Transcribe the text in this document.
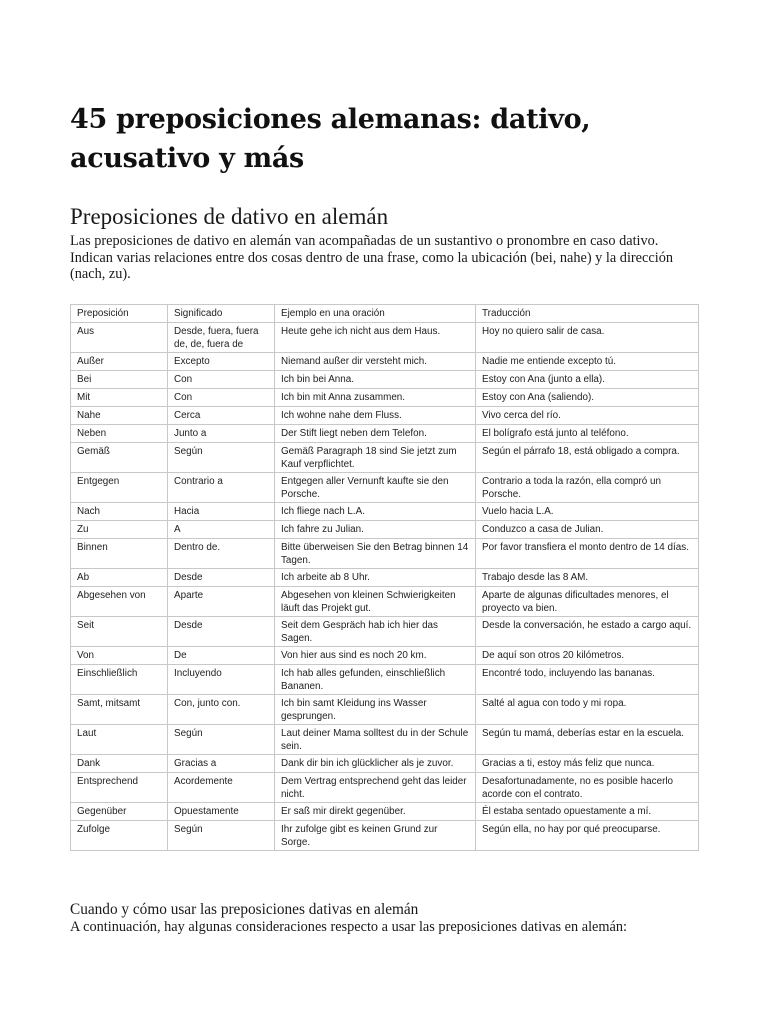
45 preposiciones alemanas: dativo, acusativo y más
Preposiciones de dativo en alemán

Las preposiciones de dativo en alemán van acompañadas de un sustantivo o pronombre en caso dativo. Indican varias relaciones entre dos cosas dentro de una frase, como la ubicación (bei, nahe) y la dirección (nach, zu).

Preposición	Significado	Ejemplo en una oración	Traducción
Aus	Desde, fuera, fuera de, de, fuera de	Heute gehe ich nicht aus dem Haus.	Hoy no quiero salir de casa.
Außer	Excepto	Niemand außer dir versteht mich.	Nadie me entiende excepto tú.
Bei	Con	Ich bin bei Anna.	Estoy con Ana (junto a ella).
Mit	Con	Ich bin mit Anna zusammen.	Estoy con Ana (saliendo).
Nahe	Cerca	Ich wohne nahe dem Fluss.	Vivo cerca del río.
Neben	Junto a	Der Stift liegt neben dem Telefon.	El bolígrafo está junto al teléfono.
Gemäß	Según	Gemäß Paragraph 18 sind Sie jetzt zum Kauf verpflichtet.	Según el párrafo 18, está obligado a compra.
Entgegen	Contrario a	Entgegen aller Vernunft kaufte sie den Porsche.	Contrario a toda la razón, ella compró un Porsche.
Nach	Hacia	Ich fliege nach L.A.	Vuelo hacia L.A.
Zu	A	Ich fahre zu Julian.	Conduzco a casa de Julian.
Binnen	Dentro de.	Bitte überweisen Sie den Betrag binnen 14 Tagen.	Por favor transfiera el monto dentro de 14 días.
Ab	Desde	Ich arbeite ab 8 Uhr.	Trabajo desde las 8 AM.
Abgesehen von	Aparte	Abgesehen von kleinen Schwierigkeiten läuft das Projekt gut.	Aparte de algunas dificultades menores, el proyecto va bien.
Seit	Desde	Seit dem Gespräch hab ich hier das Sagen.	Desde la conversación, he estado a cargo aquí.
Von	De	Von hier aus sind es noch 20 km.	De aquí son otros 20 kilómetros.
Einschließlich	Incluyendo	Ich hab alles gefunden, einschließlich Bananen.	Encontré todo, incluyendo las bananas.
Samt, mitsamt	Con, junto con.	Ich bin samt Kleidung ins Wasser gesprungen.	Salté al agua con todo y mi ropa.
Laut	Según	Laut deiner Mama solltest du in der Schule sein.	Según tu mamá, deberías estar en la escuela.
Dank	Gracias a	Dank dir bin ich glücklicher als je zuvor.	Gracias a ti, estoy más feliz que nunca.
Entsprechend	Acordemente	Dem Vertrag entsprechend geht das leider nicht.	Desafortunadamente, no es posible hacerlo acorde con el contrato.
Gegenüber	Opuestamente	Er saß mir direkt gegenüber.	Él estaba sentado opuestamente a mí.
Zufolge	Según	Ihr zufolge gibt es keinen Grund zur Sorge.	Según ella, no hay por qué preocuparse.
Cuando y cómo usar las preposiciones dativas en alemán

A continuación, hay algunas consideraciones respecto a usar las preposiciones dativas en alemán:
